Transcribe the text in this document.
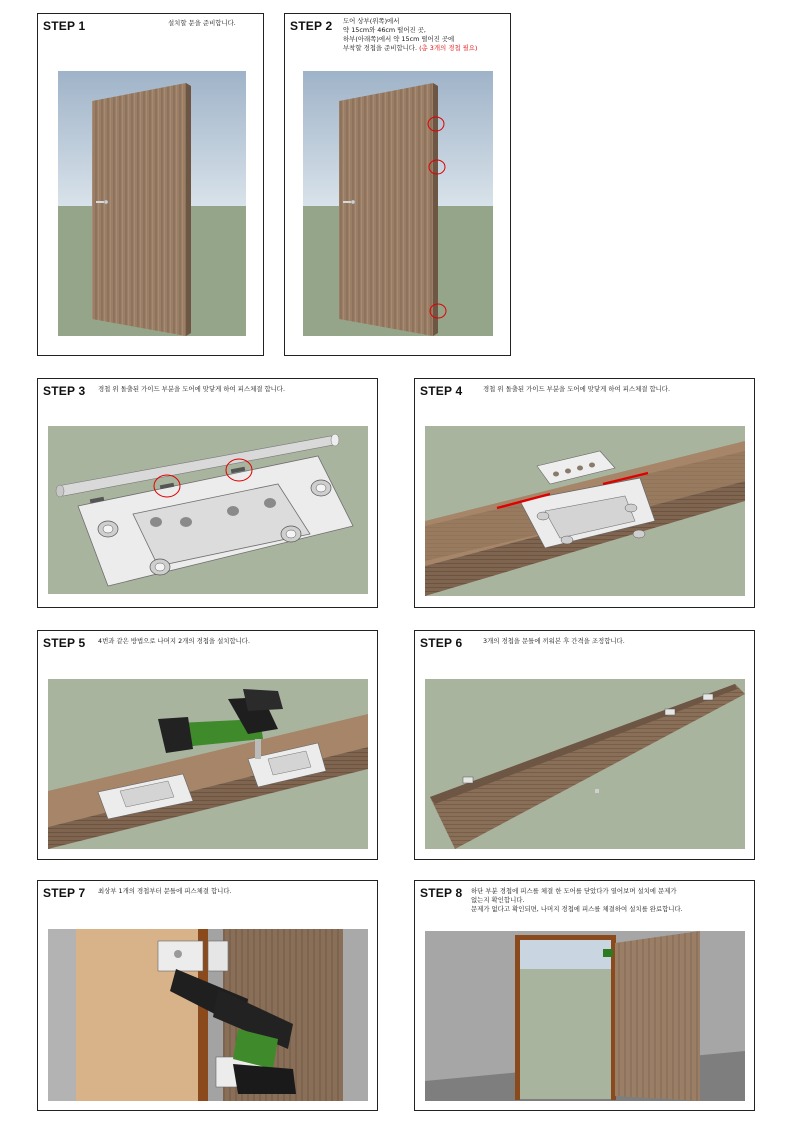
STEP 1	설치할 문을 준비합니다.	STEP 2 도어 상부(위쪽)에서
약 15cm와 46cm 떨어진 곳,
하부(아래쪽)에서 약 15cm 떨어진 곳에
부착할 경첩을 준비합니다. (총 3개의 경첩 필요)
STEP 3 경첩 위 돌출된 가이드 부분을 도어에 맞닿게 하여 피스체결 합니다.	STEP 4	경첩 위 돌출된 가이드 부분을 도어에 맞닿게 하여 피스체결 합니다.
STEP 5 4번과 같은 방법으로 나머지 2개의 경첩을 설치합니다.	STEP 6	3개의 경첩을 문틀에 끼워본 후 간격을 조정합니다.
STEP 7 최상부 1개의 경첩부터 문틀에 피스체결 합니다.	STEP 8 하단 부분 경첩에 피스를 체결 한 도어를 닫았다가 열어보며 설치에 문제가
없는지 확인합니다.
문제가 없다고 확인되면, 나머지 경첩에 피스를 체결하여 설치를 완료합니다.
